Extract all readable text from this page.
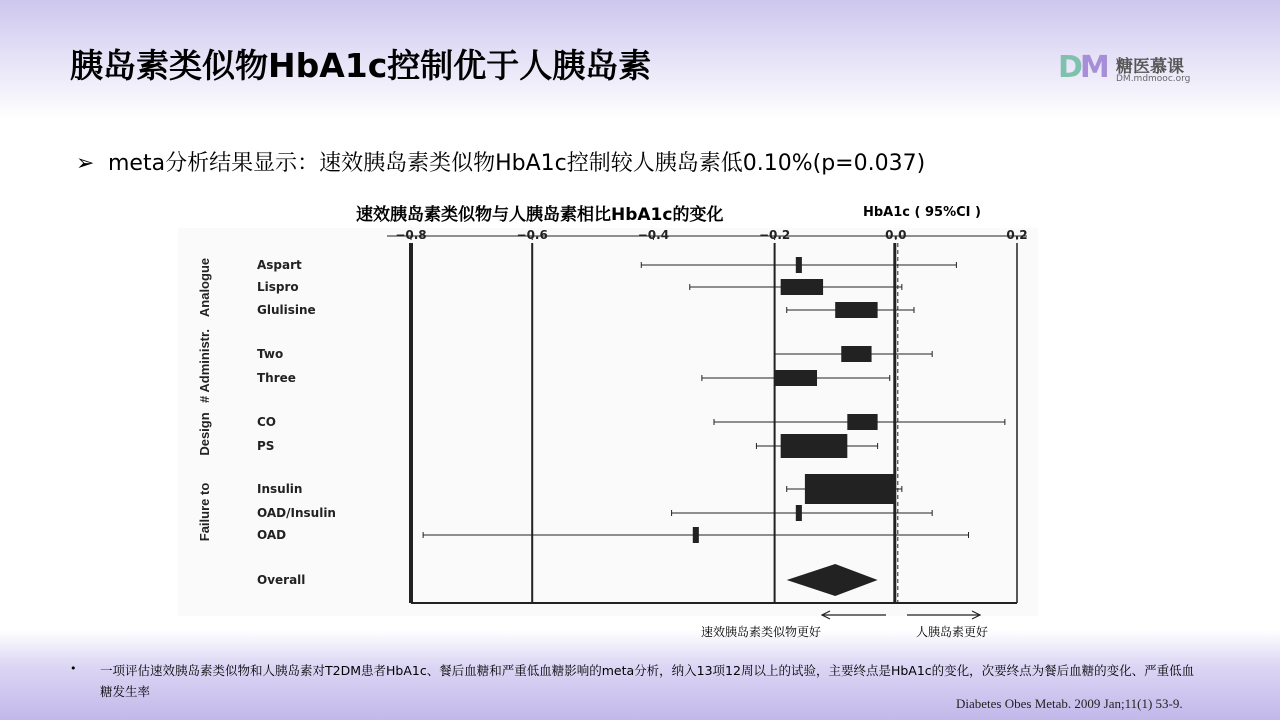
胰岛素类似物HbA1c控制优于人胰岛素	DM 糖医慕课
DM.mdmooc.org
➢ meta分析结果显示：速效胰岛素类似物HbA1c控制较人胰岛素低0.10%(p=0.037)
速效胰岛素类似物与人胰岛素相比HbA1c的变化	HbA1c ( 95%CI )
−0.8	−0.6	−0.4	−0.2	0.0	0.2
Analogue
# Administr.
Design
Failure to
Aspart
Lispro
Glulisine
Two
Three
CO
PS
Insulin
OAD/Insulin
OAD
Overall
速效胰岛素类似物更好	人胰岛素更好
• 一项评估速效胰岛素类似物和人胰岛素对T2DM患者HbA1c、餐后血糖和严重低血糖影响的meta分析，纳入13项12周以上的试验，主要终点是HbA1c的变化，次要终点为餐后血糖的变化、严重低血糖发生率
Diabetes Obes Metab. 2009 Jan;11(1) 53-9.
